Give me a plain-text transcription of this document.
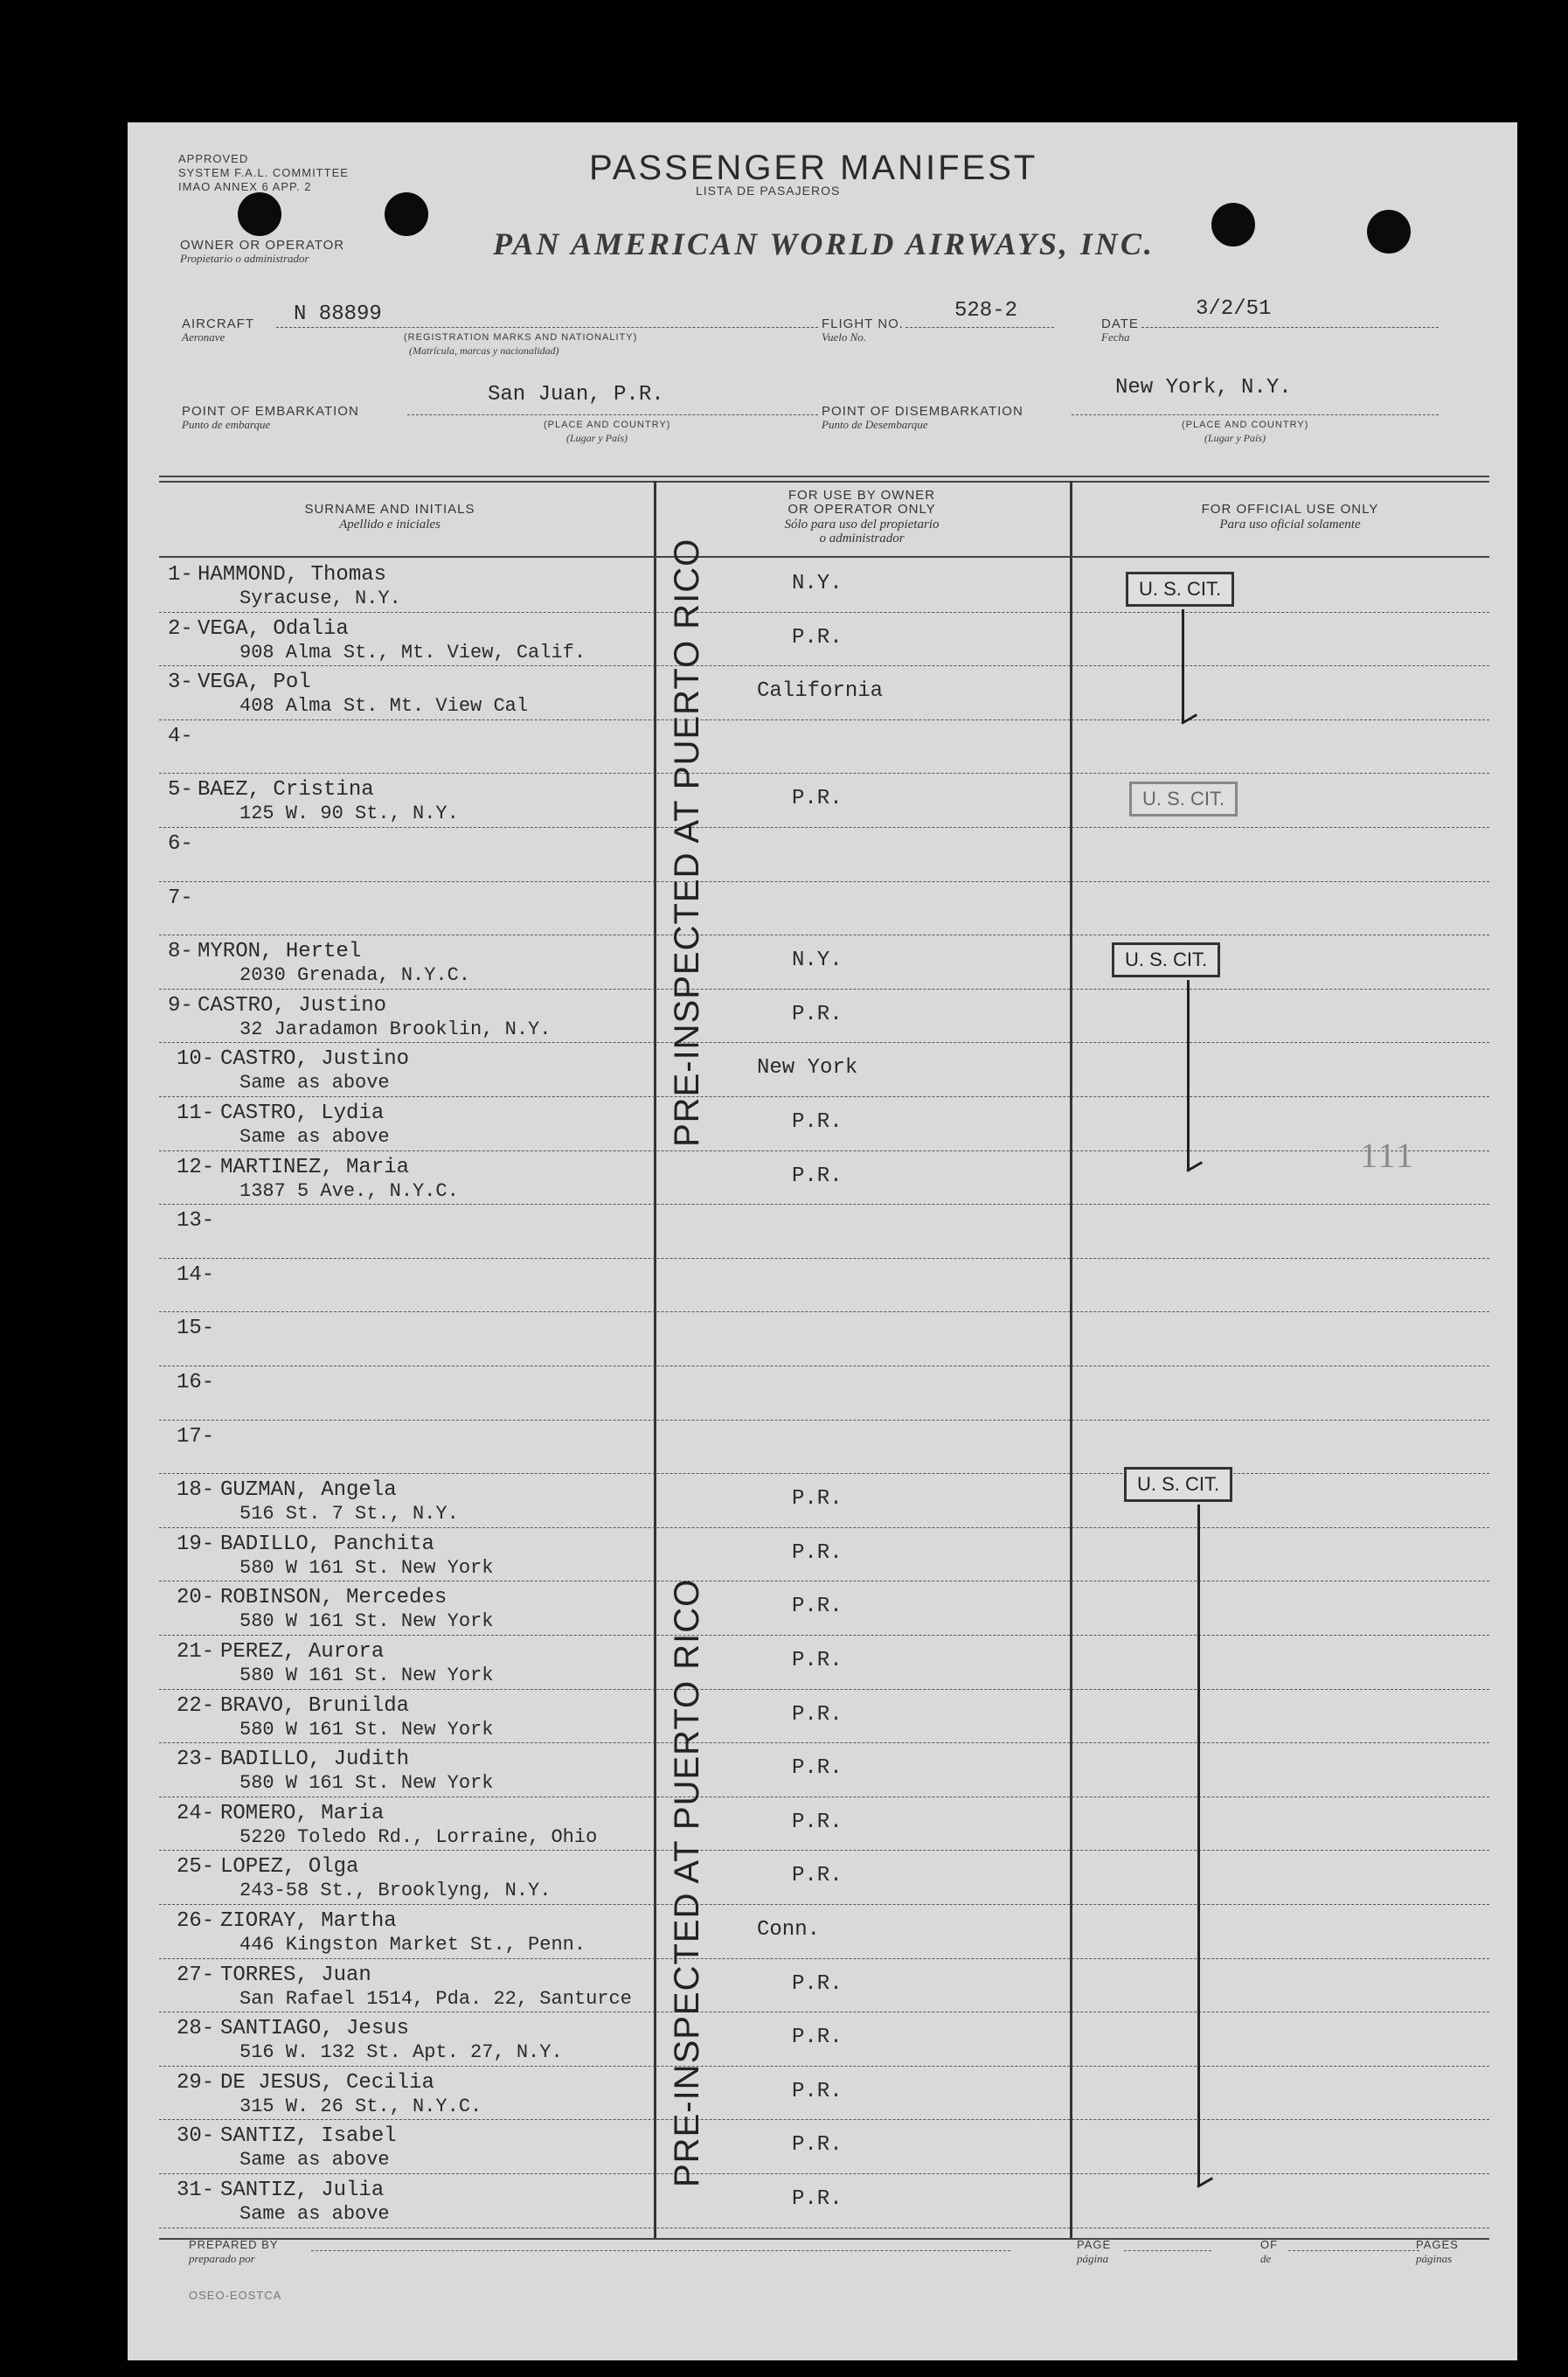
APPROVED
SYSTEM F.A.L. COMMITTEE
IMAO ANNEX 6 APP. 2	PASSENGER MANIFEST
LISTA DE PASAJEROS
OWNER OR OPERATOR
Propietario o administrador	PAN AMERICAN WORLD AIRWAYS, INC.
AIRCRAFT
Aeronave
N 88899
(REGISTRATION MARKS AND NATIONALITY)
(Matrícula, marcas y nacionalidad)
FLIGHT NO.
Vuelo No.
528-2
DATE
Fecha
3/2/51
POINT OF EMBARKATION
Punto de embarque
San Juan, P.R.
(PLACE AND COUNTRY)
(Lugar y País)
POINT OF DISEMBARKATION
Punto de Desembarque
New York, N.Y.
(PLACE AND COUNTRY)
(Lugar y País)
SURNAME AND INITIALS
Apellido e iniciales
FOR USE BY OWNER
OR OPERATOR ONLY
Sólo para uso del propietario
o administrador
FOR OFFICIAL USE ONLY
Para uso oficial solamente
1- HAMMOND, Thomas
Syracuse, N.Y.
N.Y.
2- VEGA, Odalia
908 Alma St., Mt. View, Calif.
P.R.
3- VEGA, Pol
408 Alma St. Mt. View Cal
California
4-
5- BAEZ, Cristina
125 W. 90 St., N.Y.
P.R.
6-
7-
8- MYRON, Hertel
2030 Grenada, N.Y.C.
N.Y.
9- CASTRO, Justino
32 Jaradamon Brooklin, N.Y.
P.R.
10- CASTRO, Justino
Same as above
New York
11- CASTRO, Lydia
Same as above
P.R.
12- MARTINEZ, Maria
1387 5 Ave., N.Y.C.
P.R.
13-
14-
15-
16-
17-
18- GUZMAN, Angela
516 St. 7 St., N.Y.
P.R.
19- BADILLO, Panchita
580 W 161 St. New York
P.R.
20- ROBINSON, Mercedes
580 W 161 St. New York
P.R.
21- PEREZ, Aurora
580 W 161 St. New York
P.R.
22- BRAVO, Brunilda
580 W 161 St. New York
P.R.
23- BADILLO, Judith
580 W 161 St. New York
P.R.
24- ROMERO, Maria
5220 Toledo Rd., Lorraine, Ohio
P.R.
25- LOPEZ, Olga
243-58 St., Brooklyng, N.Y.
P.R.
26- ZIORAY, Martha
446 Kingston Market St., Penn.
Conn.
27- TORRES, Juan
San Rafael 1514, Pda. 22, Santurce
P.R.
28- SANTIAGO, Jesus
516 W. 132 St. Apt. 27, N.Y.
P.R.
29- DE JESUS, Cecilia
315 W. 26 St., N.Y.C.
P.R.
30- SANTIZ, Isabel
Same as above
P.R.
31- SANTIZ, Julia
Same as above
P.R.
PRE-INSPECTED AT PUERTO RICO
PRE-INSPECTED AT PUERTO RICO
U. S. CIT.
U. S. CIT.
U. S. CIT.
111
U. S. CIT.
PREPARED BY
preparado por
PAGE
página
OF
de
PAGES
páginas
OSEO-EOSTCA
